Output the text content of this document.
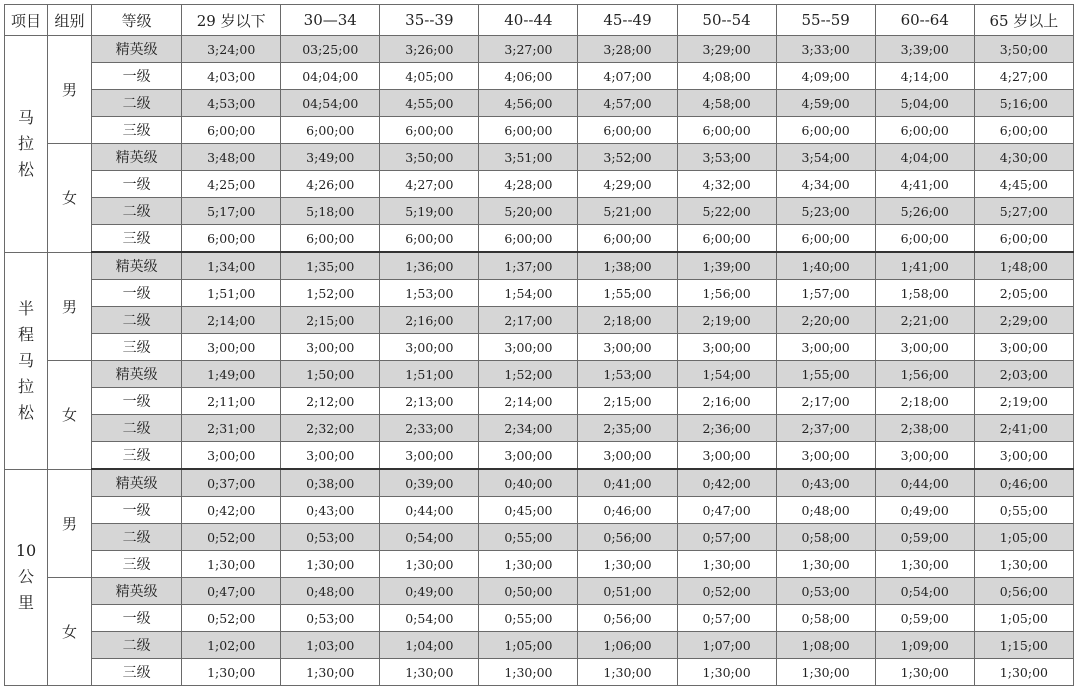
项目	组别	等级	29 岁以下	30—34	35--39	40--44	45--49	50--54	55--59	60--64	65 岁以上

马
拉
松	男	精英级	3;24;00	03;25;00	3;26;00	3;27;00	3;28;00	3;29;00	3;33;00	3;39;00	3;50;00
		一级	4;03;00	04;04;00	4;05;00	4;06;00	4;07;00	4;08;00	4;09;00	4;14;00	4;27;00
		二级	4;53;00	04;54;00	4;55;00	4;56;00	4;57;00	4;58;00	4;59;00	5;04;00	5;16;00
		三级	6;00;00	6;00;00	6;00;00	6;00;00	6;00;00	6;00;00	6;00;00	6;00;00	6;00;00
	女	精英级	3;48;00	3;49;00	3;50;00	3;51;00	3;52;00	3;53;00	3;54;00	4;04;00	4;30;00
		一级	4;25;00	4;26;00	4;27;00	4;28;00	4;29;00	4;32;00	4;34;00	4;41;00	4;45;00
		二级	5;17;00	5;18;00	5;19;00	5;20;00	5;21;00	5;22;00	5;23;00	5;26;00	5;27;00
		三级	6;00;00	6;00;00	6;00;00	6;00;00	6;00;00	6;00;00	6;00;00	6;00;00	6;00;00

半
程
马
拉
松	男	精英级	1;34;00	1;35;00	1;36;00	1;37;00	1;38;00	1;39;00	1;40;00	1;41;00	1;48;00
		一级	1;51;00	1;52;00	1;53;00	1;54;00	1;55;00	1;56;00	1;57;00	1;58;00	2;05;00
		二级	2;14;00	2;15;00	2;16;00	2;17;00	2;18;00	2;19;00	2;20;00	2;21;00	2;29;00
		三级	3;00;00	3;00;00	3;00;00	3;00;00	3;00;00	3;00;00	3;00;00	3;00;00	3;00;00
	女	精英级	1;49;00	1;50;00	1;51;00	1;52;00	1;53;00	1;54;00	1;55;00	1;56;00	2;03;00
		一级	2;11;00	2;12;00	2;13;00	2;14;00	2;15;00	2;16;00	2;17;00	2;18;00	2;19;00
		二级	2;31;00	2;32;00	2;33;00	2;34;00	2;35;00	2;36;00	2;37;00	2;38;00	2;41;00
		三级	3;00;00	3;00;00	3;00;00	3;00;00	3;00;00	3;00;00	3;00;00	3;00;00	3;00;00

10
公
里	男	精英级	0;37;00	0;38;00	0;39;00	0;40;00	0;41;00	0;42;00	0;43;00	0;44;00	0;46;00
		一级	0;42;00	0;43;00	0;44;00	0;45;00	0;46;00	0;47;00	0;48;00	0;49;00	0;55;00
		二级	0;52;00	0;53;00	0;54;00	0;55;00	0;56;00	0;57;00	0;58;00	0;59;00	1;05;00
		三级	1;30;00	1;30;00	1;30;00	1;30;00	1;30;00	1;30;00	1;30;00	1;30;00	1;30;00
	女	精英级	0;47;00	0;48;00	0;49;00	0;50;00	0;51;00	0;52;00	0;53;00	0;54;00	0;56;00
		一级	0;52;00	0;53;00	0;54;00	0;55;00	0;56;00	0;57;00	0;58;00	0;59;00	1;05;00
		二级	1;02;00	1;03;00	1;04;00	1;05;00	1;06;00	1;07;00	1;08;00	1;09;00	1;15;00
		三级	1;30;00	1;30;00	1;30;00	1;30;00	1;30;00	1;30;00	1;30;00	1;30;00	1;30;00
